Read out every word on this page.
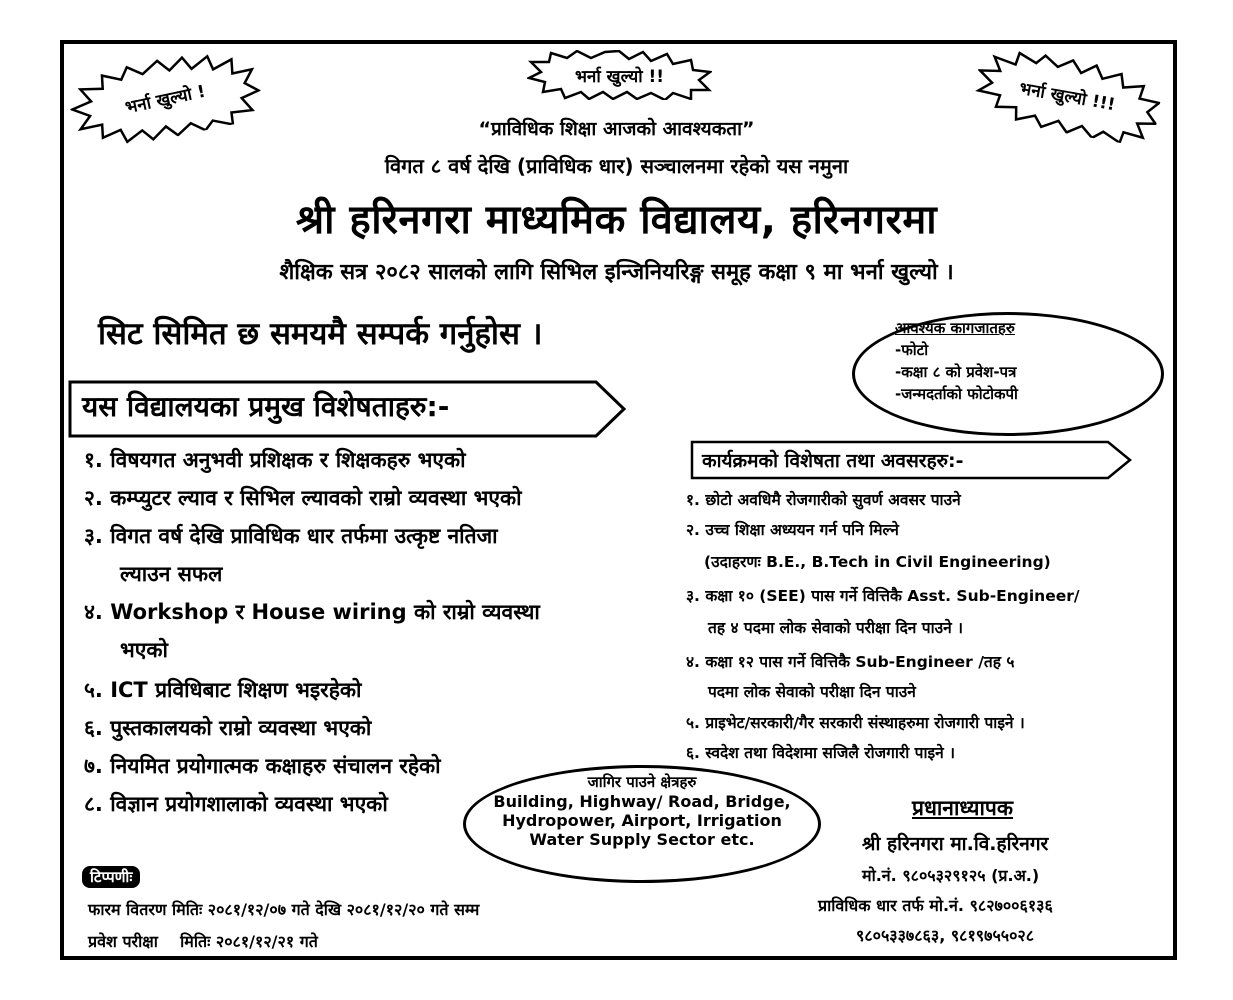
भर्ना खुल्यो !
भर्ना खुल्यो !!
भर्ना खुल्यो !!!
“प्राविधिक शिक्षा आजको आवश्यकता”
विगत ८ वर्ष देखि (प्राविधिक धार) सञ्चालनमा रहेको यस नमुना
श्री हरिनगरा माध्यमिक विद्यालय, हरिनगरमा
शैक्षिक सत्र २०८२ सालको लागि सिभिल इन्जिनियरिङ्ग समूह कक्षा ९ मा भर्ना खुल्यो ।
सिट सिमित छ समयमै सम्पर्क गर्नुहोस ।	आवश्यक कागजातहरु
-फोटो
-कक्षा ८ को प्रवेश-पत्र
-जन्मदर्ताको फोटोकपी
यस विद्यालयका प्रमुख विशेषताहरु:-
१. विषयगत अनुभवी प्रशिक्षक र शिक्षकहरु भएको
२. कम्प्युटर ल्याव र सिभिल ल्यावको राम्रो व्यवस्था भएको
३. विगत वर्ष देखि प्राविधिक धार तर्फमा उत्कृष्ट नतिजा
ल्याउन सफल
४. Workshop र House wiring को राम्रो व्यवस्था
भएको
५. ICT प्रविधिबाट शिक्षण भइरहेको
६. पुस्तकालयको राम्रो व्यवस्था भएको
७. नियमित प्रयोगात्मक कक्षाहरु संचालन रहेको
८. विज्ञान प्रयोगशालाको व्यवस्था भएको
कार्यक्रमको विशेषता तथा अवसरहरु:-
१. छोटो अवधिमै रोजगारीको सुवर्ण अवसर पाउने
२. उच्च शिक्षा अध्ययन गर्न पनि मिल्ने
(उदाहरणः B.E., B.Tech in Civil Engineering)
३. कक्षा १० (SEE) पास गर्ने वित्तिकै Asst. Sub-Engineer/
तह ४ पदमा लोक सेवाको परीक्षा दिन पाउने ।
४. कक्षा १२ पास गर्ने वित्तिकै Sub-Engineer /तह ५
पदमा लोक सेवाको परीक्षा दिन पाउने
५. प्राइभेट/सरकारी/गैर सरकारी संस्थाहरुमा रोजगारी पाइने ।
६. स्वदेश तथा विदेशमा सजिलै रोजगारी पाइने ।
जागिर पाउने क्षेत्रहरु
Building, Highway/ Road, Bridge,
Hydropower, Airport, Irrigation
Water Supply Sector etc.
प्रधानाध्यापक
श्री हरिनगरा मा.वि.हरिनगर
मो.नं. ९८०५३२९१२५ (प्र.अ.)
प्राविधिक धार तर्फ मो.नं. ९८२७००६१३६
९८०५३३७८६३, ९८१९७५५०२८
टिप्पणीः
फारम वितरण मितिः २०८१/१२/०७ गते देखि २०८१/१२/२० गते सम्म
प्रवेश परीक्षा    मितिः २०८१/१२/२१ गते
